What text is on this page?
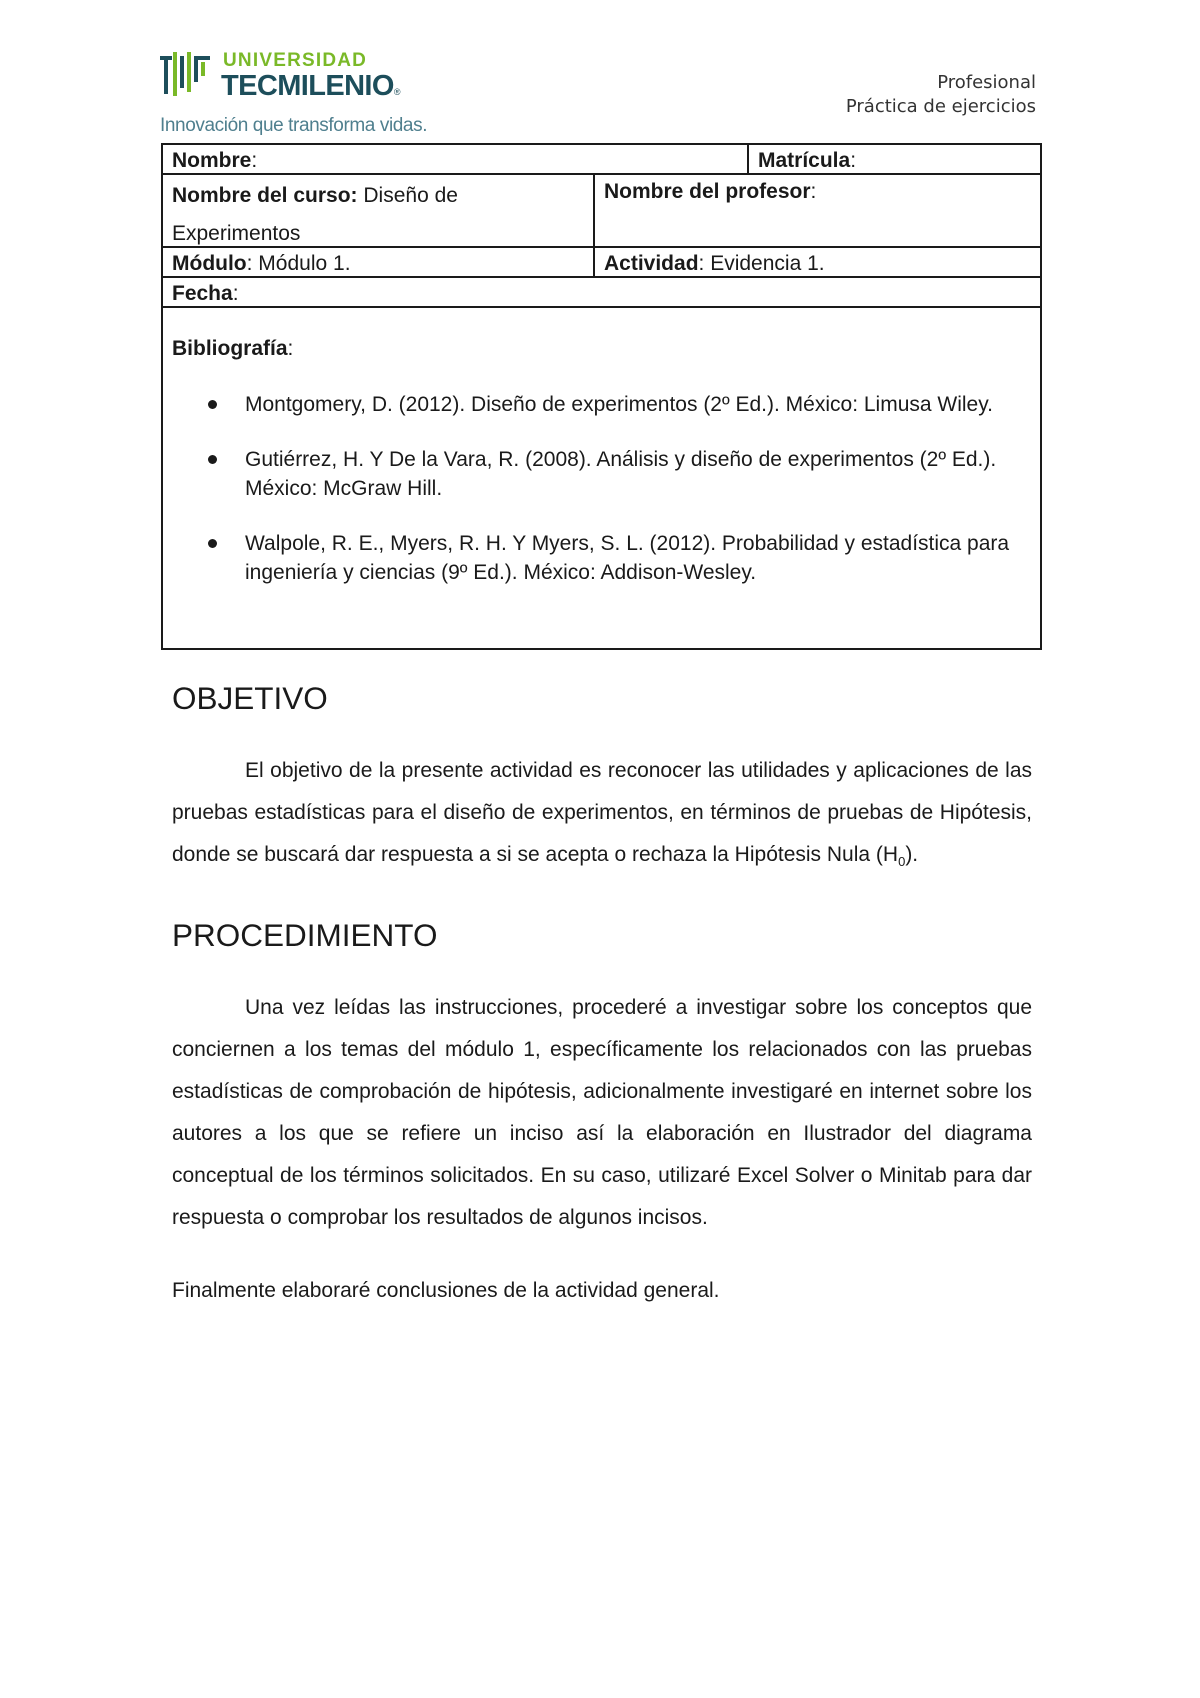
UNIVERSIDAD
TECMILENIO®
Innovación que transforma vidas.
Profesional
Práctica de ejercicios
Nombre:	Matrícula:
Nombre del curso: Diseño de
Experimentos
Nombre del profesor:
Módulo: Módulo 1.	Actividad: Evidencia 1.
Fecha:
Bibliografía:
Montgomery, D. (2012). Diseño de experimentos (2º Ed.). México: Limusa Wiley.
Gutiérrez, H. Y De la Vara, R. (2008). Análisis y diseño de experimentos (2º Ed.). México: McGraw Hill.
Walpole, R. E., Myers, R. H. Y Myers, S. L. (2012). Probabilidad y estadística para ingeniería y ciencias (9º Ed.). México: Addison-Wesley.
OBJETIVO

El objetivo de la presente actividad es reconocer las utilidades y aplicaciones de las pruebas estadísticas para el diseño de experimentos, en términos de pruebas de Hipótesis, donde se buscará dar respuesta a si se acepta o rechaza la Hipótesis Nula $(H_0)$.

PROCEDIMIENTO

Una vez leídas las instrucciones, procederé a investigar sobre los conceptos que conciernen a los temas del módulo 1, específicamente los relacionados con las pruebas estadísticas de comprobación de hipótesis, adicionalmente investigaré en internet sobre los autores a los que se refiere un inciso así la elaboración en Ilustrador del diagrama conceptual de los términos solicitados. En su caso, utilizaré Excel Solver o Minitab para dar respuesta o comprobar los resultados de algunos incisos.

Finalmente elaboraré conclusiones de la actividad general.
